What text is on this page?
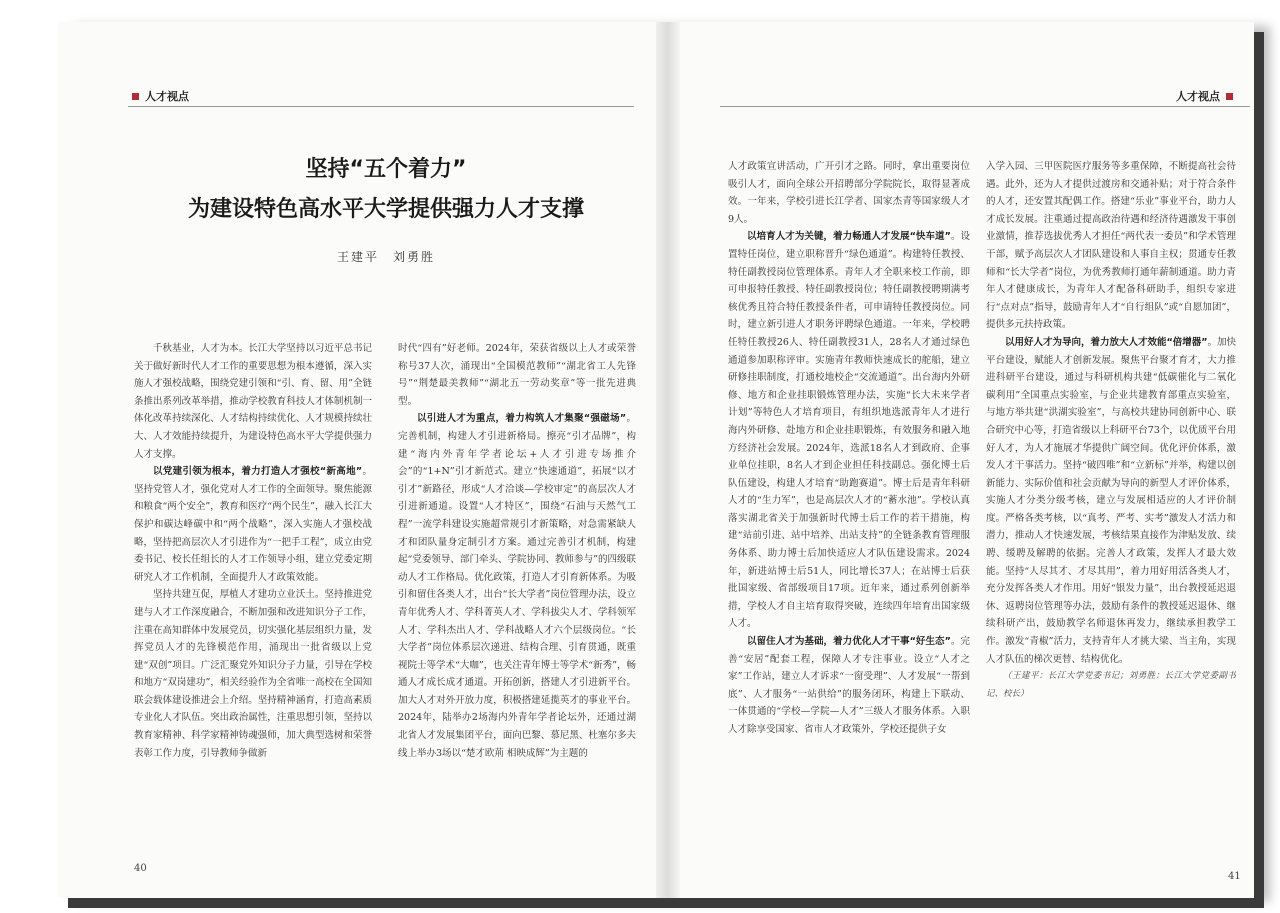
人才视点	人才视点
坚持“五个着力”
为建设特色高水平大学提供强力人才支撑
王建平　刘勇胜

千秋基业，人才为本。长江大学坚持以习近平总书记关于做好新时代人才工作的重要思想为根本遵循，深入实施人才强校战略，围绕党建引领和“引、育、留、用”全链条推出系列改革举措，推动学校教育科技人才体制机制一体化改革持续深化、人才结构持续优化、人才规模持续壮大、人才效能持续提升，为建设特色高水平大学提供强力人才支撑。

以党建引领为根本，着力打造人才强校“新高地”。坚持党管人才，强化党对人才工作的全面领导。聚焦能源和粮食“两个安全”，教育和医疗“两个民生”，融入长江大保护和碳达峰碳中和“两个战略”，深入实施人才强校战略，坚持把高层次人才引进作为“一把手工程”，成立由党委书记、校长任组长的人才工作领导小组，建立党委定期研究人才工作机制，全面提升人才政策效能。

坚持共建互促，厚植人才建功立业沃土。坚持推进党建与人才工作深度融合，不断加强和改进知识分子工作，注重在高知群体中发展党员，切实强化基层组织力量，发挥党员人才的先锋模范作用，涌现出一批省级以上党建“双创”项目。广泛汇聚党外知识分子力量，引导在学校和地方“双岗建功”，相关经验作为全省唯一高校在全国知联会载体建设推进会上介绍。坚持精神涵育，打造高素质专业化人才队伍。突出政治属性，注重思想引领，坚持以教育家精神、科学家精神铸魂强师，加大典型选树和荣誉表彰工作力度，引导教师争做新

时代“四有”好老师。2024年，荣获省级以上人才或荣誉称号37人次，涌现出“全国模范教师”“湖北省工人先锋号”“荆楚最美教师”“湖北五一劳动奖章”等一批先进典型。

以引进人才为重点，着力构筑人才集聚“强磁场”。完善机制，构建人才引进新格局。擦亮“引才品牌”，构建“海内外青年学者论坛+人才引进专场推介会”的“1+N”引才新范式。建立“快速通道”，拓展“以才引才”新路径，形成“人才洽谈—学校审定”的高层次人才引进新通道。设置“人才特区”，围绕“石油与天然气工程”一流学科建设实施超常规引才新策略，对急需紧缺人才和团队量身定制引才方案。通过完善引才机制，构建起“党委领导、部门牵头、学院协同、教师参与”的四级联动人才工作格局。优化政策，打造人才引育新体系。为吸引和留住各类人才，出台“长大学者”岗位管理办法，设立青年优秀人才、学科菁英人才、学科拔尖人才、学科领军人才、学科杰出人才、学科战略人才六个层级岗位。“长大学者”岗位体系层次递进、结构合理、引育贯通，既重视院士等学术“大咖”，也关注青年博士等学术“新秀”，畅通人才成长成才通道。开拓创新，搭建人才引进新平台。加大人才对外开放力度，积极搭建延揽英才的事业平台。2024年，陆举办2场海内外青年学者论坛外，还通过湖北省人才发展集团平台，面向巴黎、慕尼黑、杜塞尔多夫线上举办3场以“楚才欧荊 相映成辉”为主题的

人才政策宣讲活动，广开引才之路。同时，拿出重要岗位吸引人才，面向全球公开招聘部分学院院长，取得显著成效。一年来，学校引进长江学者、国家杰青等国家级人才9人。

以培育人才为关键，着力畅通人才发展“快车道”。设置特任岗位，建立职称晋升“绿色通道”。构建特任教授、特任副教授岗位管理体系。青年人才全职来校工作前，即可申报特任教授、特任副教授岗位；特任副教授聘期满考核优秀且符合特任教授条件者，可申请特任教授岗位。同时，建立新引进人才职务评聘绿色通道。一年来，学校聘任特任教授26人、特任副教授31人，28名人才通过绿色通道参加职称评审。实施青年教师快速成长的舵船，建立研修挂职制度，打通校地校企“交流通道”。出台海内外研修、地方和企业挂职锻炼管理办法，实施“长大未来学者计划”等特色人才培育项目，有组织地选派青年人才进行海内外研修、赴地方和企业挂职锻炼，有效服务和融入地方经济社会发展。2024年，选派18名人才到政府、企事业单位挂职，8名人才到企业担任科技副总。强化博士后队伍建设，构建人才培育“助跑赛道”。博士后是青年科研人才的“生力军”，也是高层次人才的“蓄水池”。学校认真落实湖北省关于加强新时代博士后工作的若干措施，构建“站前引进、站中培养、出站支持”的全链条教育管理服务体系、助力博士后加快适应人才队伍建设需求。2024年，新进站博士后51人，同比增长37人；在站博士后获批国家级、省部级项目17项。近年来，通过系列创新举措，学校人才自主培育取得突破，连续四年培育出国家级人才。

以留住人才为基础，着力优化人才干事“好生态”。完善“安居”配套工程，保障人才专注事业。设立“人才之家”工作站，建立人才诉求“一窗受理”、人才发展“一帮到底”、人才服务“一站供给”的服务闭环，构建上下联动、一体贯通的“学校—学院—人才”三级人才服务体系。入职人才除享受国家、省市人才政策外，学校还提供子女

入学入园、三甲医院医疗服务等多重保障，不断提高社会待遇。此外，还为人才提供过渡房和交通补贴；对于符合条件的人才，还安置其配偶工作。搭建“乐业”事业平台，助力人才成长发展。注重通过提高政治待遇和经济待遇激发干事创业激情，推荐选拔优秀人才担任“两代表一委员”和学术管理干部，赋予高层次人才团队建设和人事自主权；贯通专任教师和“长大学者”岗位，为优秀教师打通年薪制通道。助力青年人才健康成长，为青年人才配备科研助手，组织专家进行“点对点”指导，鼓励青年人才“自行组队”或“自愿加团”，提供多元扶持政策。

以用好人才为导向，着力放大人才效能“倍增器”。加快平台建设，赋能人才创新发展。聚焦平台聚才育才，大力推进科研平台建设，通过与科研机构共建“低碳催化与二氧化碳利用”全国重点实验室，与企业共建教育部重点实验室，与地方举共建“洪湖实验室”，与高校共建协同创新中心、联合研究中心等，打造省级以上科研平台73个，以优质平台用好人才，为人才施展才华提供广阔空间。优化评价体系，激发人才干事活力。坚持“破四唯”和“立新标”并举，构建以创新能力、实际价值和社会贡献为导向的新型人才评价体系，实施人才分类分级考核，建立与发展相适应的人才评价制度。严格各类考核，以“真考、严考、实考”激发人才活力和潜力，推动人才快速发展，考核结果直接作为津贴发放、续聘、缓聘及解聘的依据。完善人才政策，发挥人才最大效能。坚持“人尽其才、才尽其用”，着力用好用活各类人才，充分发挥各类人才作用。用好“银发力量”，出台教授延迟退休、返聘岗位管理等办法，鼓励有条件的教授延迟退休、继续科研产出，鼓励教学名师退休再发力，继续承担教学工作。激发“青椒”活力，支持青年人才挑大梁、当主角，实现人才队伍的梯次更替、结构优化。

（王建平：长江大学党委书记；刘勇胜：长江大学党委副书记、校长）

40
41
